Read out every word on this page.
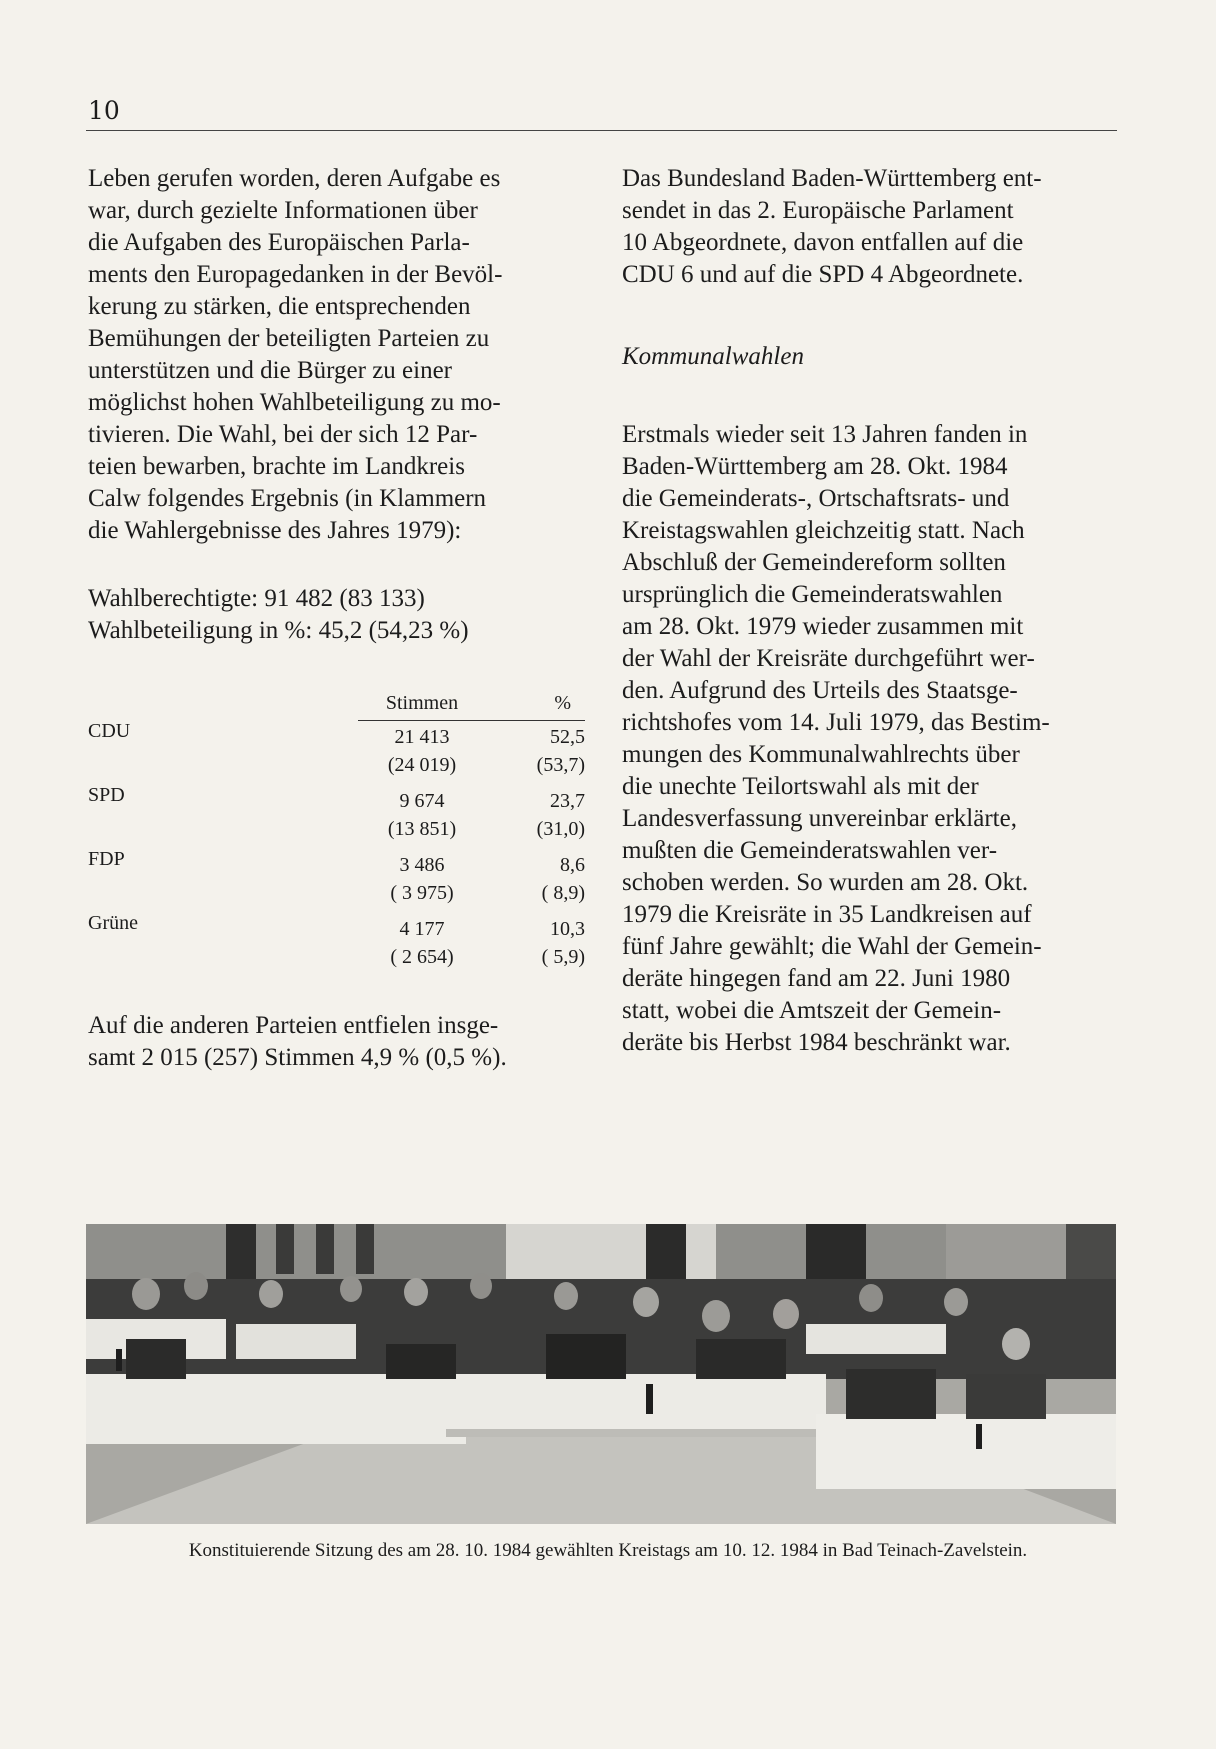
10

Leben gerufen worden, deren Aufgabe es

war, durch gezielte Informationen über

die Aufgaben des Europäischen Parla-

ments den Europagedanken in der Bevöl-

kerung zu stärken, die entsprechenden

Bemühungen der beteiligten Parteien zu

unterstützen und die Bürger zu einer

möglichst hohen Wahlbeteiligung zu mo-

tivieren. Die Wahl, bei der sich 12 Par-

teien bewarben, brachte im Landkreis

Calw folgendes Ergebnis (in Klammern

die Wahlergebnisse des Jahres 1979):

Wahlberechtigte: 91 482 (83 133)

Wahlbeteiligung in %: 45,2 (54,23 %)

Stimmen	%
CDU	21 413	52,5
(24 019)	(53,7)
SPD	9 674	23,7
(13 851)	(31,0)
FDP	3 486	8,6
( 3 975)	( 8,9)
Grüne	4 177	10,3
( 2 654)	( 5,9)

Auf die anderen Parteien entfielen insge-

samt 2 015 (257) Stimmen 4,9 % (0,5 %).

Das Bundesland Baden-Württemberg ent-

sendet in das 2. Europäische Parlament

10 Abgeordnete, davon entfallen auf die

CDU 6 und auf die SPD 4 Abgeordnete.

Kommunalwahlen

Erstmals wieder seit 13 Jahren fanden in

Baden-Württemberg am 28. Okt. 1984

die Gemeinderats-, Ortschaftsrats- und

Kreistagswahlen gleichzeitig statt. Nach

Abschluß der Gemeindereform sollten

ursprünglich die Gemeinderatswahlen

am 28. Okt. 1979 wieder zusammen mit

der Wahl der Kreisräte durchgeführt wer-

den. Aufgrund des Urteils des Staatsge-

richtshofes vom 14. Juli 1979, das Bestim-

mungen des Kommunalwahlrechts über

die unechte Teilortswahl als mit der

Landesverfassung unvereinbar erklärte,

mußten die Gemeinderatswahlen ver-

schoben werden. So wurden am 28. Okt.

1979 die Kreisräte in 35 Landkreisen auf

fünf Jahre gewählt; die Wahl der Gemein-

deräte hingegen fand am 22. Juni 1980

statt, wobei die Amtszeit der Gemein-

deräte bis Herbst 1984 beschränkt war.

Konstituierende Sitzung des am 28. 10. 1984 gewählten Kreistags am 10. 12. 1984 in Bad Teinach-Zavelstein.
